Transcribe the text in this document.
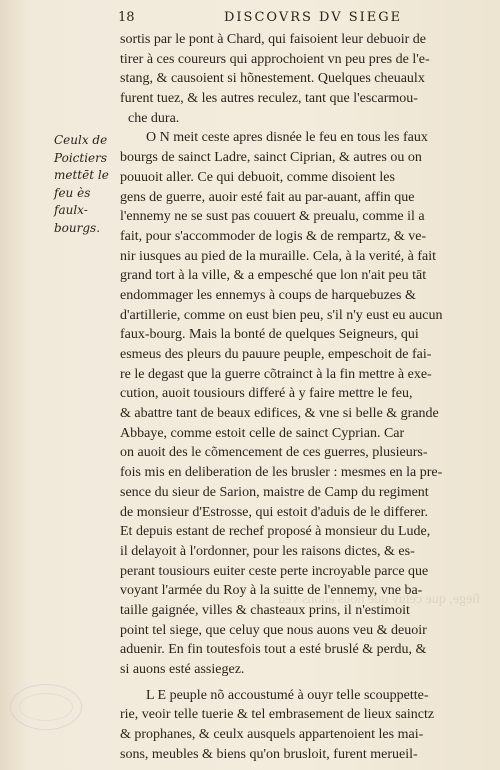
18	DISCOVRS DV SIEGE
Ceulx de
Poictiers
mettēt le
feu ès
faulx-
bourgs.
ſiege, que celuy que nous auons veu
sortis par le pont à Chard, qui faisoient leur debuoir de
tirer à ces coureurs qui approchoient vn peu pres de l'e-
stang, & causoient si hõnestement. Quelques cheuaulx
furent tuez, & les autres reculez, tant que l'escarmou-
che dura.
O N meit ceste apres disnée le feu en tous les faux
bourgs de sainct Ladre, sainct Ciprian, & autres ou on
pouuoit aller. Ce qui debuoit, comme disoient les
gens de guerre, auoir esté fait au par-auant, affin que
l'ennemy ne se sust pas couuert & preualu, comme il a
fait, pour s'accommoder de logis & de rempartz, & ve-
nir iusques au pied de la muraille. Cela, à la verité, à fait
grand tort à la ville, & a empesché que lon n'ait peu tāt
endommager les ennemys à coups de harquebuzes &
d'artillerie, comme on eust bien peu, s'il n'y eust eu aucun
faux-bourg. Mais la bonté de quelques Seigneurs, qui
esmeus des pleurs du pauure peuple, empeschoit de fai-
re le degast que la guerre cõtrainct à la fin mettre à exe-
cution, auoit tousiours differé à y faire mettre le feu,
& abattre tant de beaux edifices, & vne si belle & grande
Abbaye, comme estoit celle de sainct Cyprian. Car
on auoit des le cõmencement de ces guerres, plusieurs-
fois mis en deliberation de les brusler : mesmes en la pre-
sence du sieur de Sarion, maistre de Camp du regiment
de monsieur d'Estrosse, qui estoit d'aduis de le differer.
Et depuis estant de rechef proposé à monsieur du Lude,
il delayoit à l'ordonner, pour les raisons dictes, & es-
perant tousiours euiter ceste perte incroyable parce que
voyant l'armée du Roy à la suitte de l'ennemy, vne ba-
taille gaignée, villes & chasteaux prins, il n'estimoit
point tel siege, que celuy que nous auons veu & deuoir
aduenir. En fin toutesfois tout a esté bruslé & perdu, &
si auons esté assiegez.
L E peuple nõ accoustumé à ouyr telle scouppette-
rie, veoir telle tuerie & tel embrasement de lieux sainctz
& prophanes, & ceulx ausquels appartenoient les mai-
sons, meubles & biens qu'on brusloit, furent merueil-
